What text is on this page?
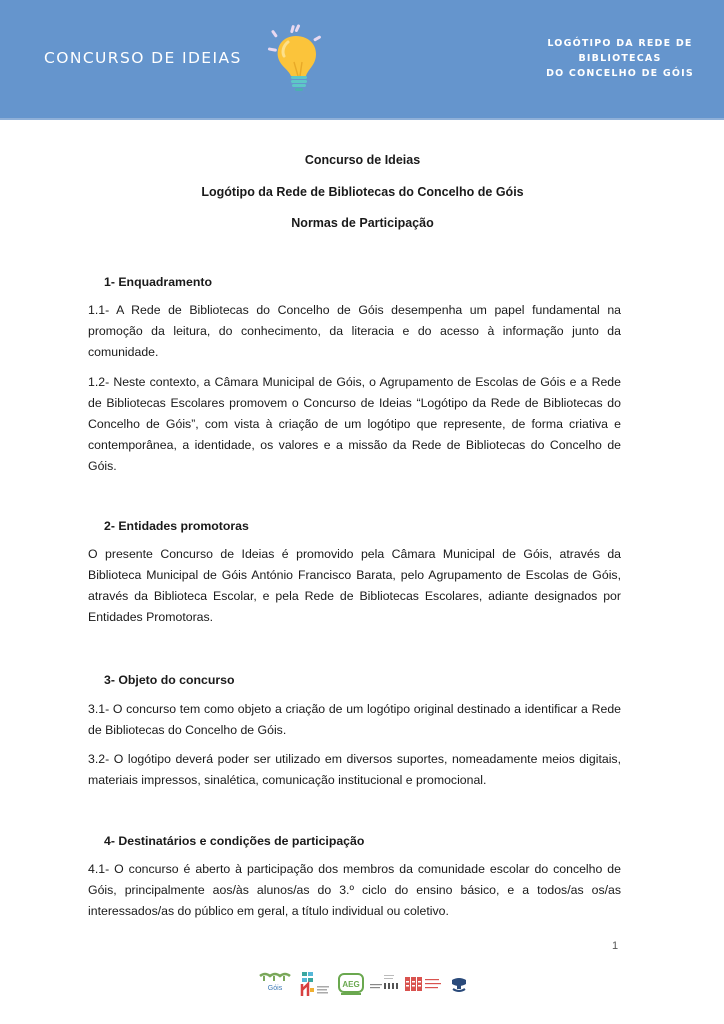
CONCURSO DE IDEIAS
LOGÓTIPO DA REDE DE
BIBLIOTECAS
DO CONCELHO DE GÓIS
Concurso de Ideias
Logótipo da Rede de Bibliotecas do Concelho de Góis
Normas de Participação
1- Enquadramento
1.1- A Rede de Bibliotecas do Concelho de Góis desempenha um papel fundamental na promoção da leitura, do conhecimento, da literacia e do acesso à informação junto da comunidade.
1.2- Neste contexto, a Câmara Municipal de Góis, o Agrupamento de Escolas de Góis e a Rede de Bibliotecas Escolares promovem o Concurso de Ideias “Logótipo da Rede de Bibliotecas do Concelho de Góis”, com vista à criação de um logótipo que represente, de forma criativa e contemporânea, a identidade, os valores e a missão da Rede de Bibliotecas do Concelho de Góis.
2- Entidades promotoras
O presente Concurso de Ideias é promovido pela Câmara Municipal de Góis, através da Biblioteca Municipal de Góis António Francisco Barata, pelo Agrupamento de Escolas de Góis, através da Biblioteca Escolar, e pela Rede de Bibliotecas Escolares, adiante designados por Entidades Promotoras.
3- Objeto do concurso
3.1- O concurso tem como objeto a criação de um logótipo original destinado a identificar a Rede de Bibliotecas do Concelho de Góis.
3.2- O logótipo deverá poder ser utilizado em diversos suportes, nomeadamente meios digitais, materiais impressos, sinalética, comunicação institucional e promocional.
4- Destinatários e condições de participação
4.1- O concurso é aberto à participação dos membros da comunidade escolar do concelho de Góis, principalmente aos/às alunos/as do 3.º ciclo do ensino básico, e a todos/as os/as interessados/as do público em geral, a título individual ou coletivo.
1
Góis	AEG
